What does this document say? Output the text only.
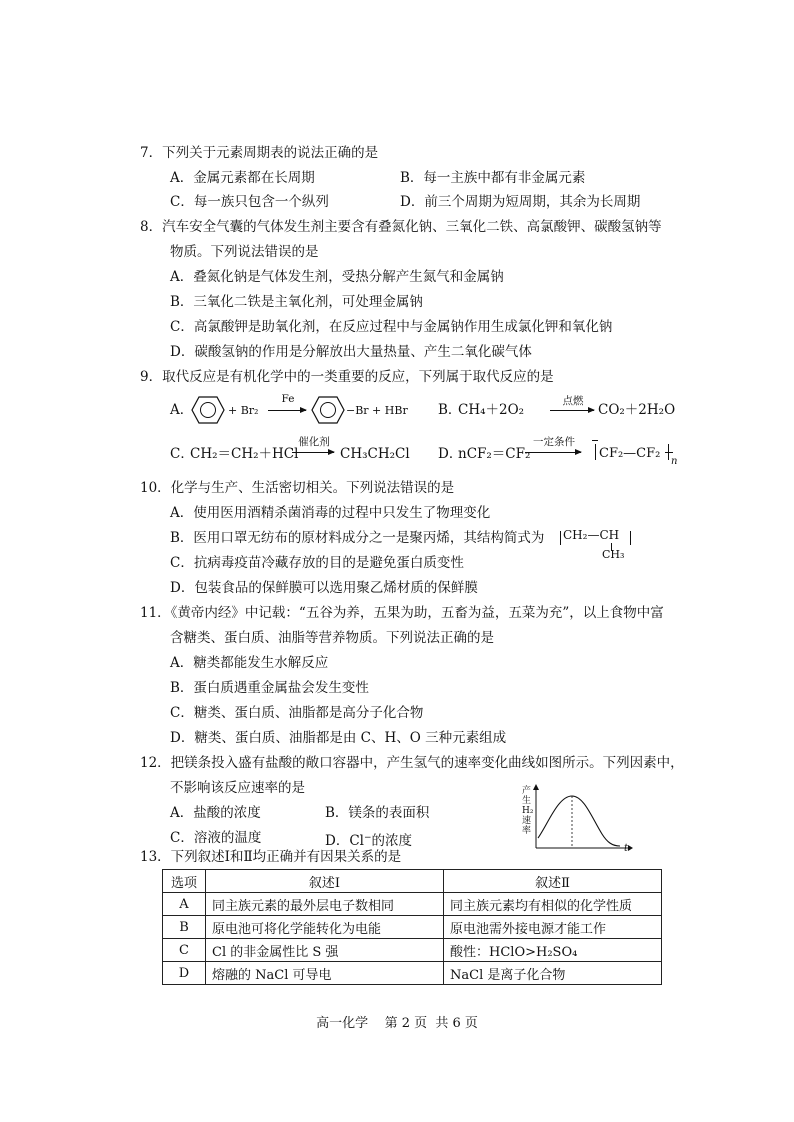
7．下列关于元素周期表的说法正确的是
A．金属元素都在长周期	B．每一主族中都有非金属元素
C．每一族只包含一个纵列	D．前三个周期为短周期，其余为长周期
8．汽车安全气囊的气体发生剂主要含有叠氮化钠、三氧化二铁、高氯酸钾、碳酸氢钠等
物质。下列说法错误的是
A．叠氮化钠是气体发生剂，受热分解产生氮气和金属钠
B．三氧化二铁是主氧化剂，可处理金属钠
C．高氯酸钾是助氧化剂，在反应过程中与金属钠作用生成氯化钾和氧化钠
D．碳酸氢钠的作用是分解放出大量热量、产生二氧化碳气体
9．取代反应是有机化学中的一类重要的反应，下列属于取代反应的是
A．	+ Br₂
Fe
−Br + HBr B．
CH₄＋2O₂
点燃
CO₂＋2H₂O
C．
CH₂＝CH₂＋HCl
催化剂
CH₃CH₂Cl D．
nCF₂＝CF₂
一定条件
CF₂—CF₂
n
10．化学与生产、生活密切相关。下列说法错误的是
A．使用医用酒精杀菌消毒的过程中只发生了物理变化
B．医用口罩无纺布的原材料成分之一是聚丙烯，其结构简式为 CH₂—CH
CH₃
C．抗病毒疫苗冷藏存放的目的是避免蛋白质变性
D．包装食品的保鲜膜可以选用聚乙烯材质的保鲜膜
11．《黄帝内经》中记载：“五谷为养，五果为助，五畜为益，五菜为充”，以上食物中富
含糖类、蛋白质、油脂等营养物质。下列说法正确的是
A．糖类都能发生水解反应
B．蛋白质遇重金属盐会发生变性
C．糖类、蛋白质、油脂都是高分子化合物
D．糖类、蛋白质、油脂都是由 C、H、O 三种元素组成
12．把镁条投入盛有盐酸的敞口容器中，产生氢气的速率变化曲线如图所示。下列因素中，
不影响该反应速率的是
A．盐酸的浓度	B．镁条的表面积
C．溶液的温度	D．Cl−的浓度
产生H₂速率
t
13．下列叙述Ⅰ和Ⅱ均正确并有因果关系的是
选项	叙述Ⅰ	叙述Ⅱ
A	同主族元素的最外层电子数相同	同主族元素均有相似的化学性质
B	原电池可将化学能转化为电能	原电池需外接电源才能工作
C	Cl 的非金属性比 S 强	酸性：HClO>H₂SO₄
D	熔融的 NaCl 可导电	NaCl 是离子化合物
高一化学    第 2 页  共 6 页
